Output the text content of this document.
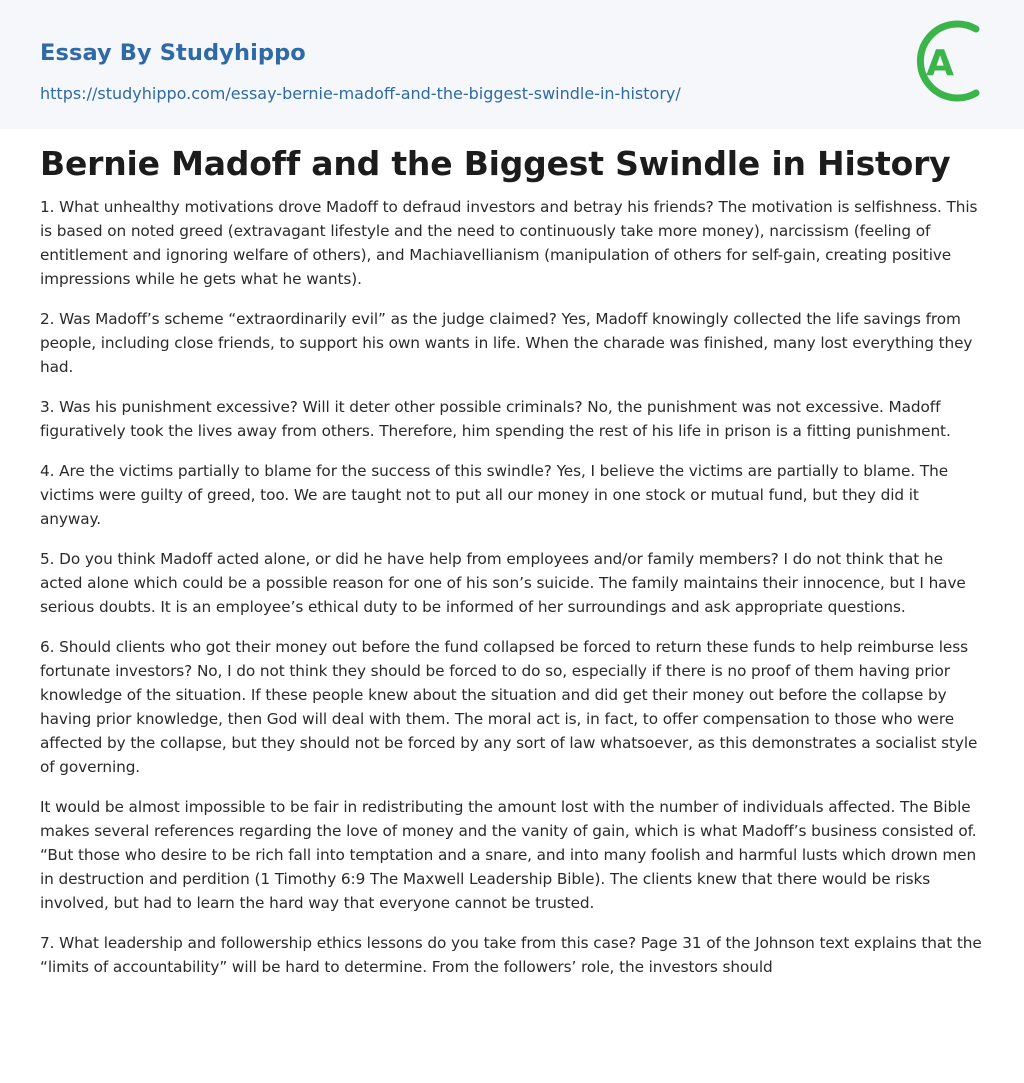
Essay By Studyhippo
https://studyhippo.com/essay-bernie-madoff-and-the-biggest-swindle-in-history/
A
Bernie Madoff and the Biggest Swindle in History

1. What unhealthy motivations drove Madoff to defraud investors and betray his friends? The motivation is selfishness. This is based on noted greed (extravagant lifestyle and the need to continuously take more money), narcissism (feeling of entitlement and ignoring welfare of others), and Machiavellianism (manipulation of others for self-gain, creating positive impressions while he gets what he wants).

2. Was Madoff’s scheme “extraordinarily evil” as the judge claimed? Yes, Madoff knowingly collected the life savings from people, including close friends, to support his own wants in life. When the charade was finished, many lost everything they had.

3. Was his punishment excessive? Will it deter other possible criminals? No, the punishment was not excessive. Madoff figuratively took the lives away from others. Therefore, him spending the rest of his life in prison is a fitting punishment.

4. Are the victims partially to blame for the success of this swindle? Yes, I believe the victims are partially to blame. The victims were guilty of greed, too. We are taught not to put all our money in one stock or mutual fund, but they did it anyway.

5. Do you think Madoff acted alone, or did he have help from employees and/or family members? I do not think that he acted alone which could be a possible reason for one of his son’s suicide. The family maintains their innocence, but I have serious doubts. It is an employee’s ethical duty to be informed of her surroundings and ask appropriate questions.

6. Should clients who got their money out before the fund collapsed be forced to return these funds to help reimburse less fortunate investors? No, I do not think they should be forced to do so, especially if there is no proof of them having prior knowledge of the situation. If these people knew about the situation and did get their money out before the collapse by having prior knowledge, then God will deal with them. The moral act is, in fact, to offer compensation to those who were affected by the collapse, but they should not be forced by any sort of law whatsoever, as this demonstrates a socialist style of governing.

It would be almost impossible to be fair in redistributing the amount lost with the number of individuals affected. The Bible makes several references regarding the love of money and the vanity of gain, which is what Madoff’s business consisted of. “But those who desire to be rich fall into temptation and a snare, and into many foolish and harmful lusts which drown men in destruction and perdition (1 Timothy 6:9 The Maxwell Leadership Bible). The clients knew that there would be risks involved, but had to learn the hard way that everyone cannot be trusted.

7. What leadership and followership ethics lessons do you take from this case? Page 31 of the Johnson text explains that the “limits of accountability” will be hard to determine. From the followers’ role, the investors should
